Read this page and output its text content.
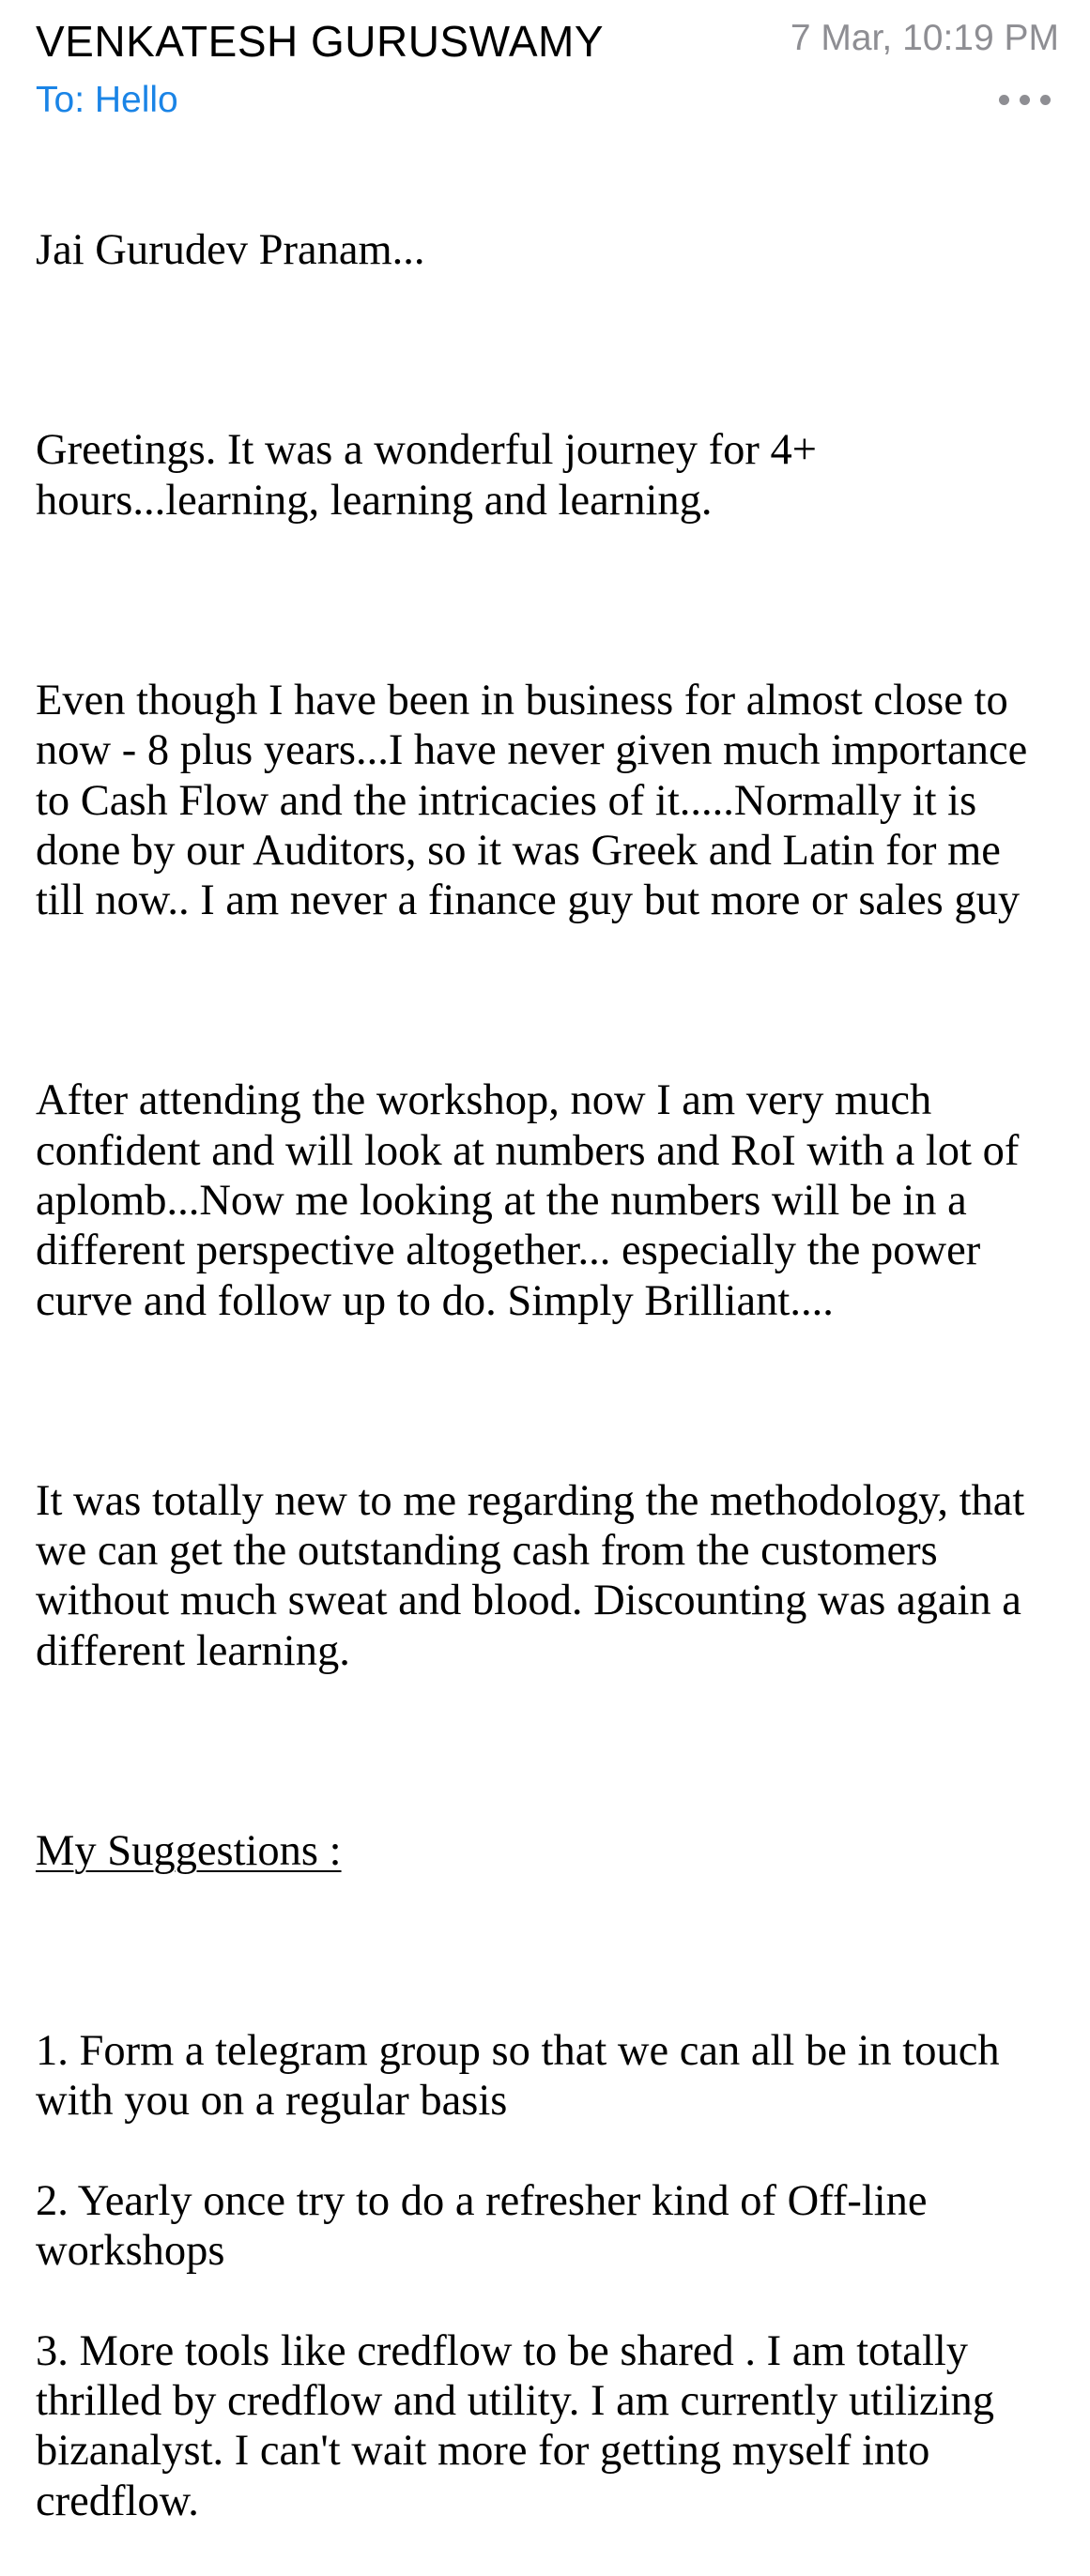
VENKATESH GURUSWAMY	7 Mar, 10:19 PM
To: Hello

Jai Gurudev Pranam...

Greetings. It was a wonderful journey for 4+
hours...learning, learning and learning.

Even though I have been in business for almost close to
now - 8 plus years...I have never given much importance
to Cash Flow and the intricacies of it.....Normally it is
done by our Auditors, so it was Greek and Latin for me
till now.. I am never a finance guy but more or sales guy

After attending the workshop, now I am very much
confident and will look at numbers and RoI with a lot of
aplomb...Now me looking at the numbers will be in a
different perspective altogether... especially the power
curve and follow up to do. Simply Brilliant....

It was totally new to me regarding the methodology, that
we can get the outstanding cash from the customers
without much sweat and blood. Discounting was again a
different learning.

My Suggestions :

1. Form a telegram group so that we can all be in touch
with you on a regular basis

2. Yearly once try to do a refresher kind of Off-line
workshops

3. More tools like credflow to be shared . I am totally
thrilled by credflow and utility. I am currently utilizing
bizanalyst. I can't wait more for getting myself into
credflow.
